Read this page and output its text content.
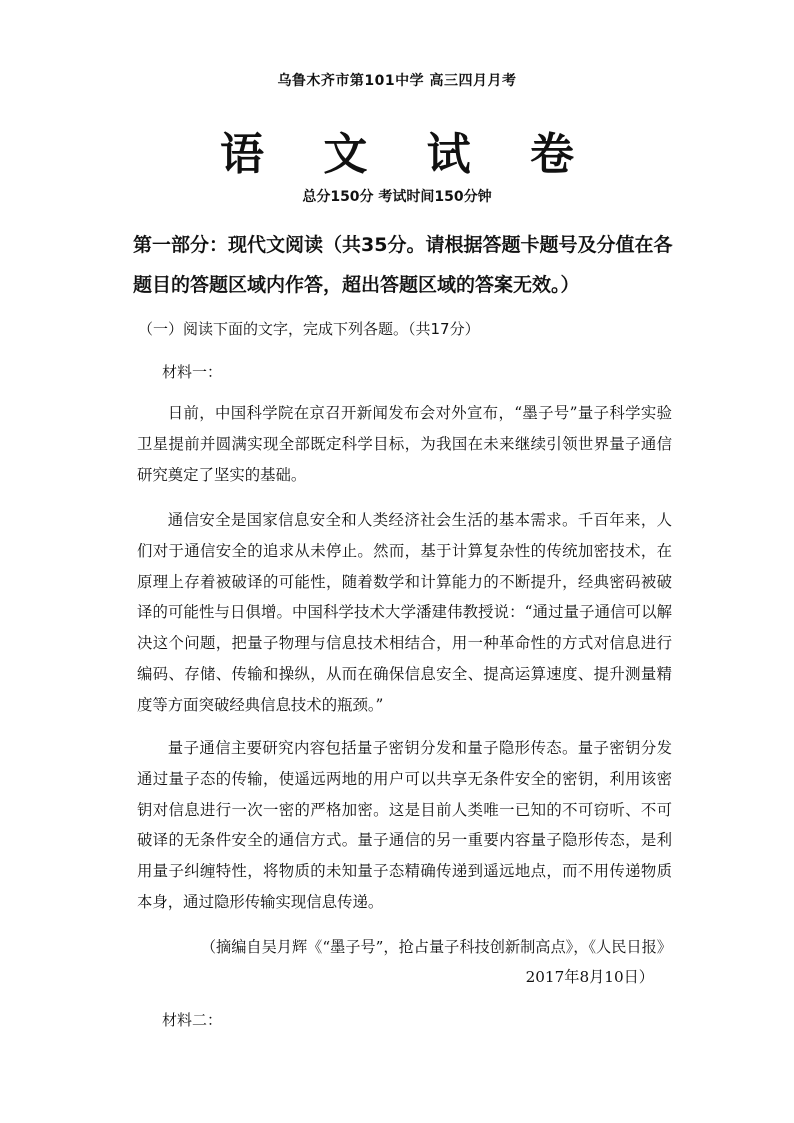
乌鲁木齐市第101中学 高三四月月考
语 文 试 卷
总分150分 考试时间150分钟
第一部分：现代文阅读（共35分。请根据答题卡题号及分值在各题目的答题区域内作答，超出答题区域的答案无效。）
（一）阅读下面的文字，完成下列各题。（共17分）
材料一：
日前，中国科学院在京召开新闻发布会对外宣布，“墨子号”量子科学实验卫星提前并圆满实现全部既定科学目标，为我国在未来继续引领世界量子通信研究奠定了坚实的基础。
通信安全是国家信息安全和人类经济社会生活的基本需求。千百年来，人们对于通信安全的追求从未停止。然而，基于计算复杂性的传统加密技术，在原理上存着被破译的可能性，随着数学和计算能力的不断提升，经典密码被破译的可能性与日俱增。中国科学技术大学潘建伟教授说：“通过量子通信可以解决这个问题，把量子物理与信息技术相结合，用一种革命性的方式对信息进行编码、存储、传输和操纵，从而在确保信息安全、提高运算速度、提升测量精度等方面突破经典信息技术的瓶颈。”
量子通信主要研究内容包括量子密钥分发和量子隐形传态。量子密钥分发通过量子态的传输，使遥远两地的用户可以共享无条件安全的密钥，利用该密钥对信息进行一次一密的严格加密。这是目前人类唯一已知的不可窃听、不可破译的无条件安全的通信方式。量子通信的另一重要内容量子隐形传态，是利用量子纠缠特性，将物质的未知量子态精确传递到遥远地点，而不用传递物质本身，通过隐形传输实现信息传递。
（摘编自吴月辉《“墨子号”，抢占量子科技创新制高点》，《人民日报》
2017年8月10日）
材料二：
